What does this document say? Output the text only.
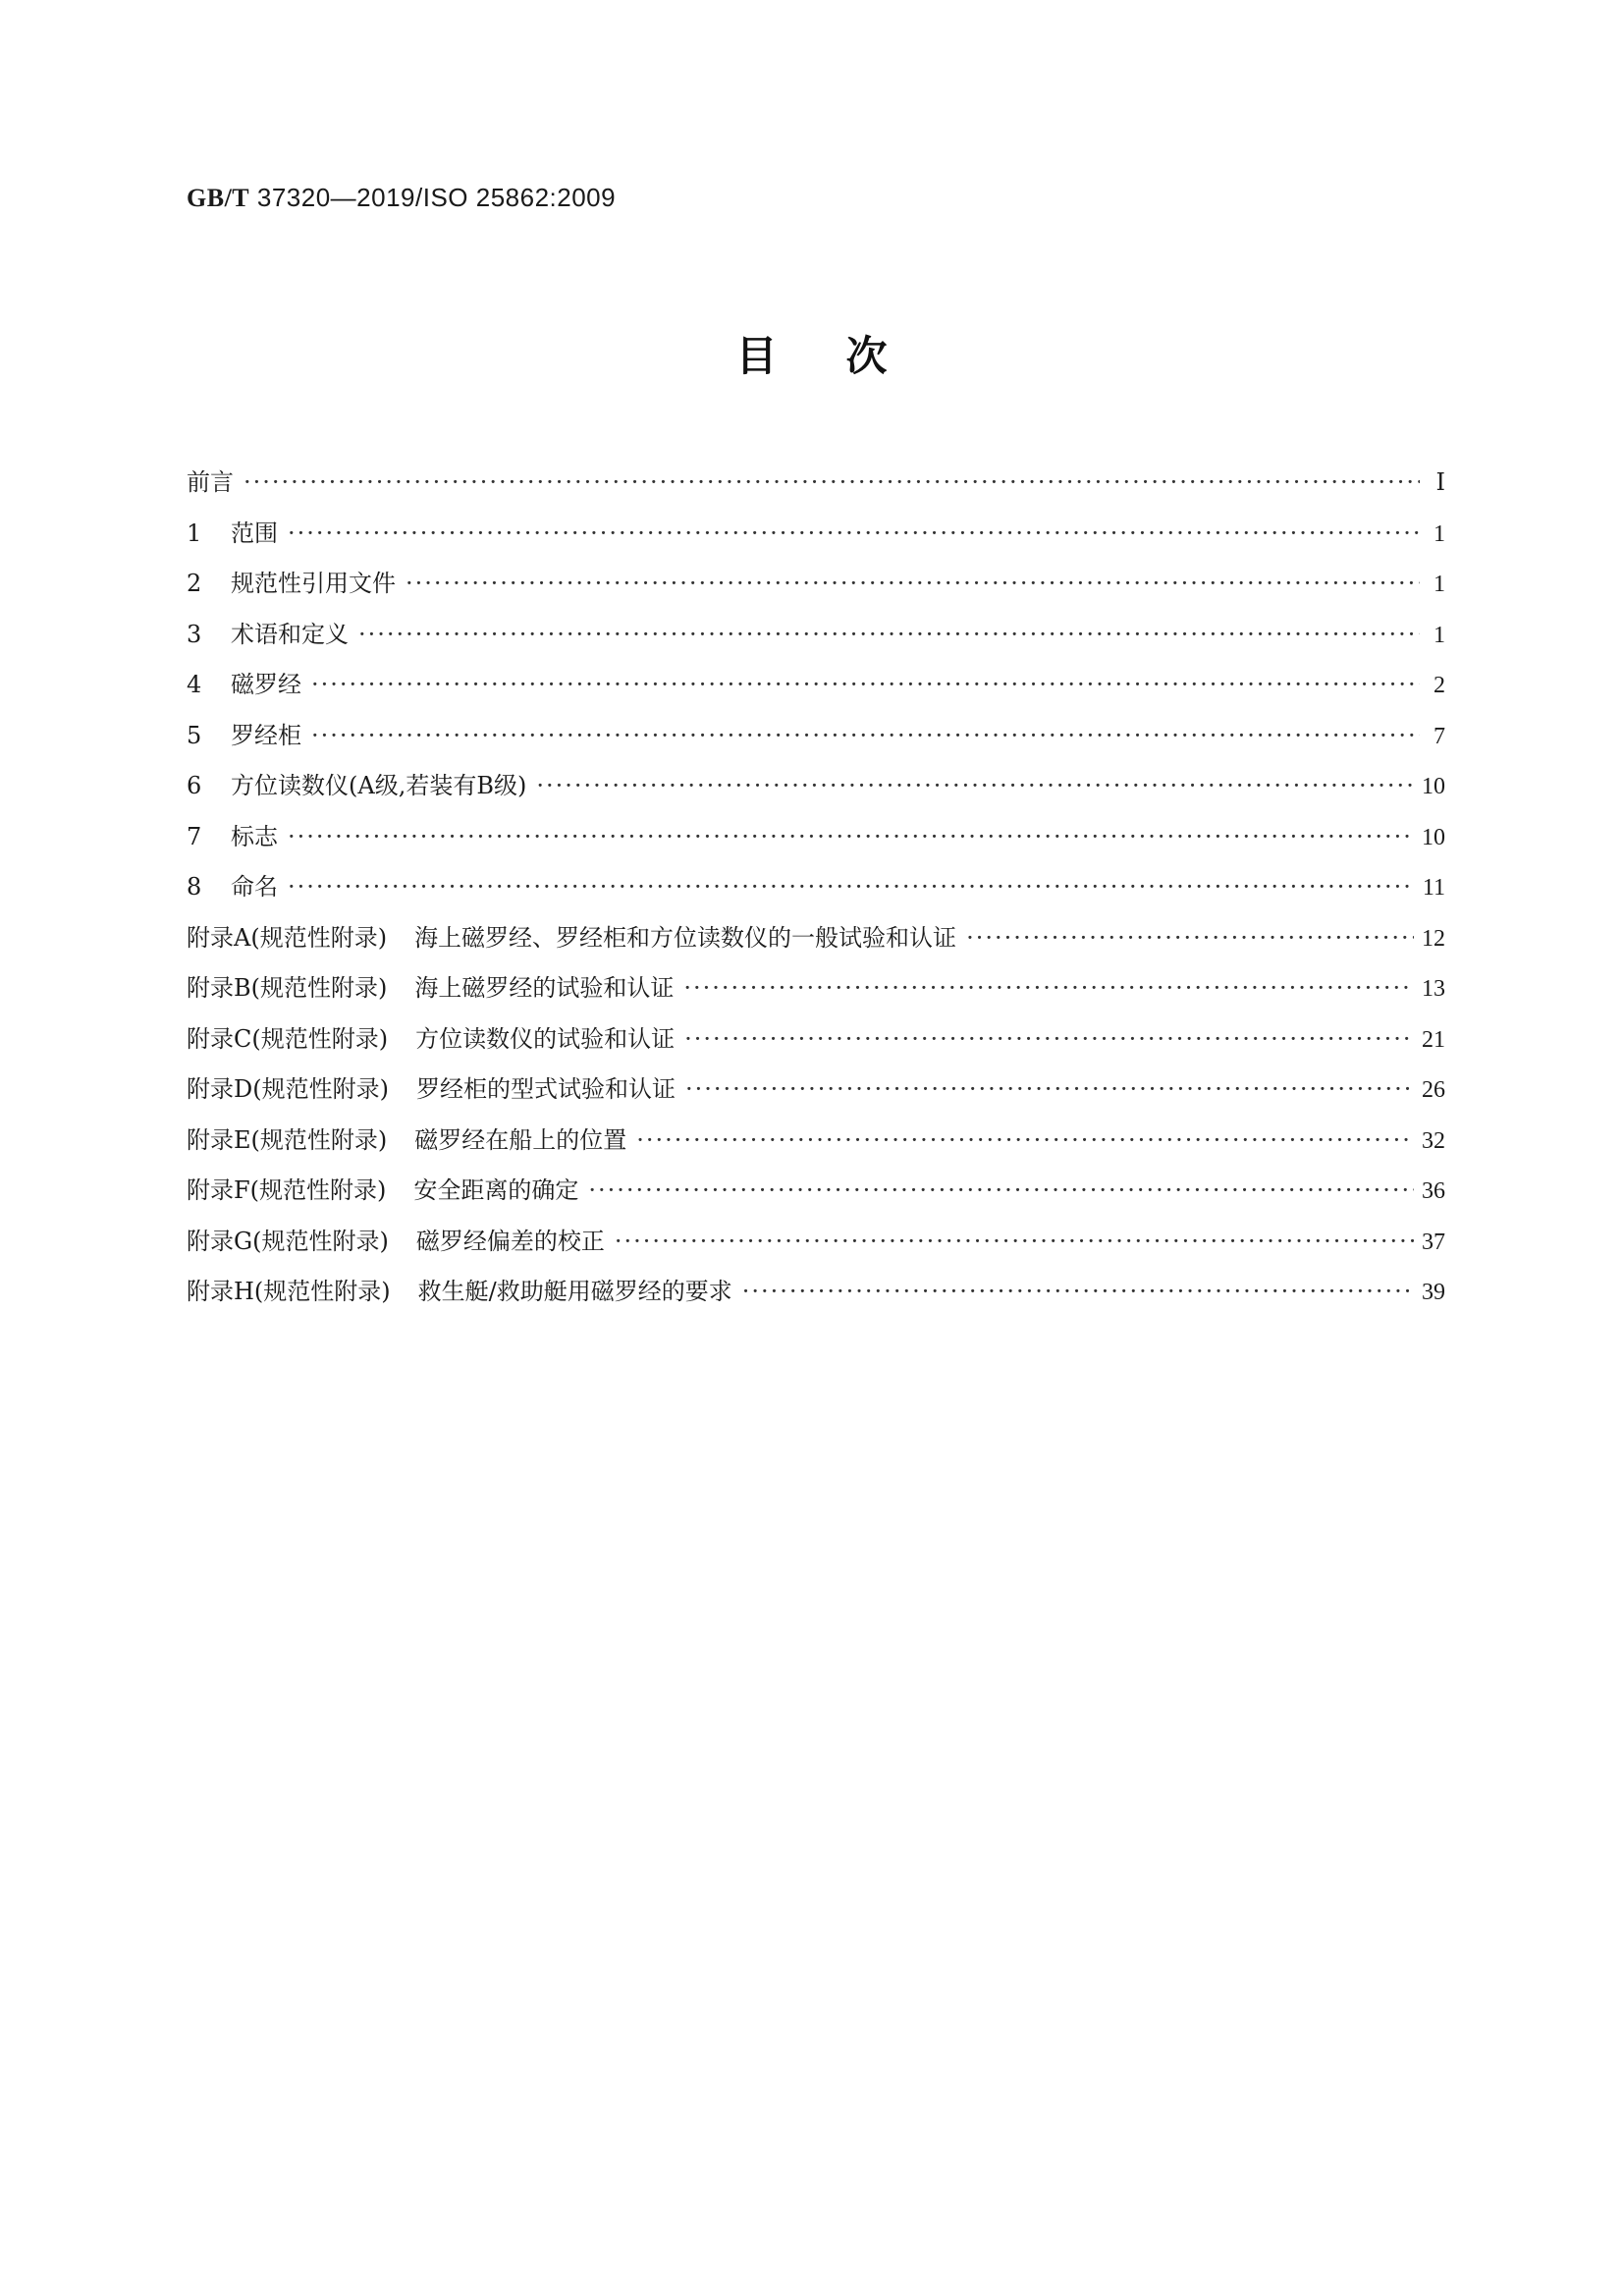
GB/T 37320—2019/ISO 25862:2009
目次
前言 ·····	Ⅰ
1 范围 ·····	1
2 规范性引用文件 ·····	1
3 术语和定义 ·····	1
4 磁罗经 ·····	2
5 罗经柜 ·····	7
6 方位读数仪(A级,若装有B级) ·····	10
7 标志 ·····	10
8 命名 ·····	11
附录A(规范性附录) 海上磁罗经、罗经柜和方位读数仪的一般试验和认证 ·····	12
附录B(规范性附录) 海上磁罗经的试验和认证 ·····	13
附录C(规范性附录) 方位读数仪的试验和认证 ·····	21
附录D(规范性附录) 罗经柜的型式试验和认证 ·····	26
附录E(规范性附录) 磁罗经在船上的位置 ·····	32
附录F(规范性附录) 安全距离的确定 ·····	36
附录G(规范性附录) 磁罗经偏差的校正 ·····	37
附录H(规范性附录) 救生艇/救助艇用磁罗经的要求 ·····	39
